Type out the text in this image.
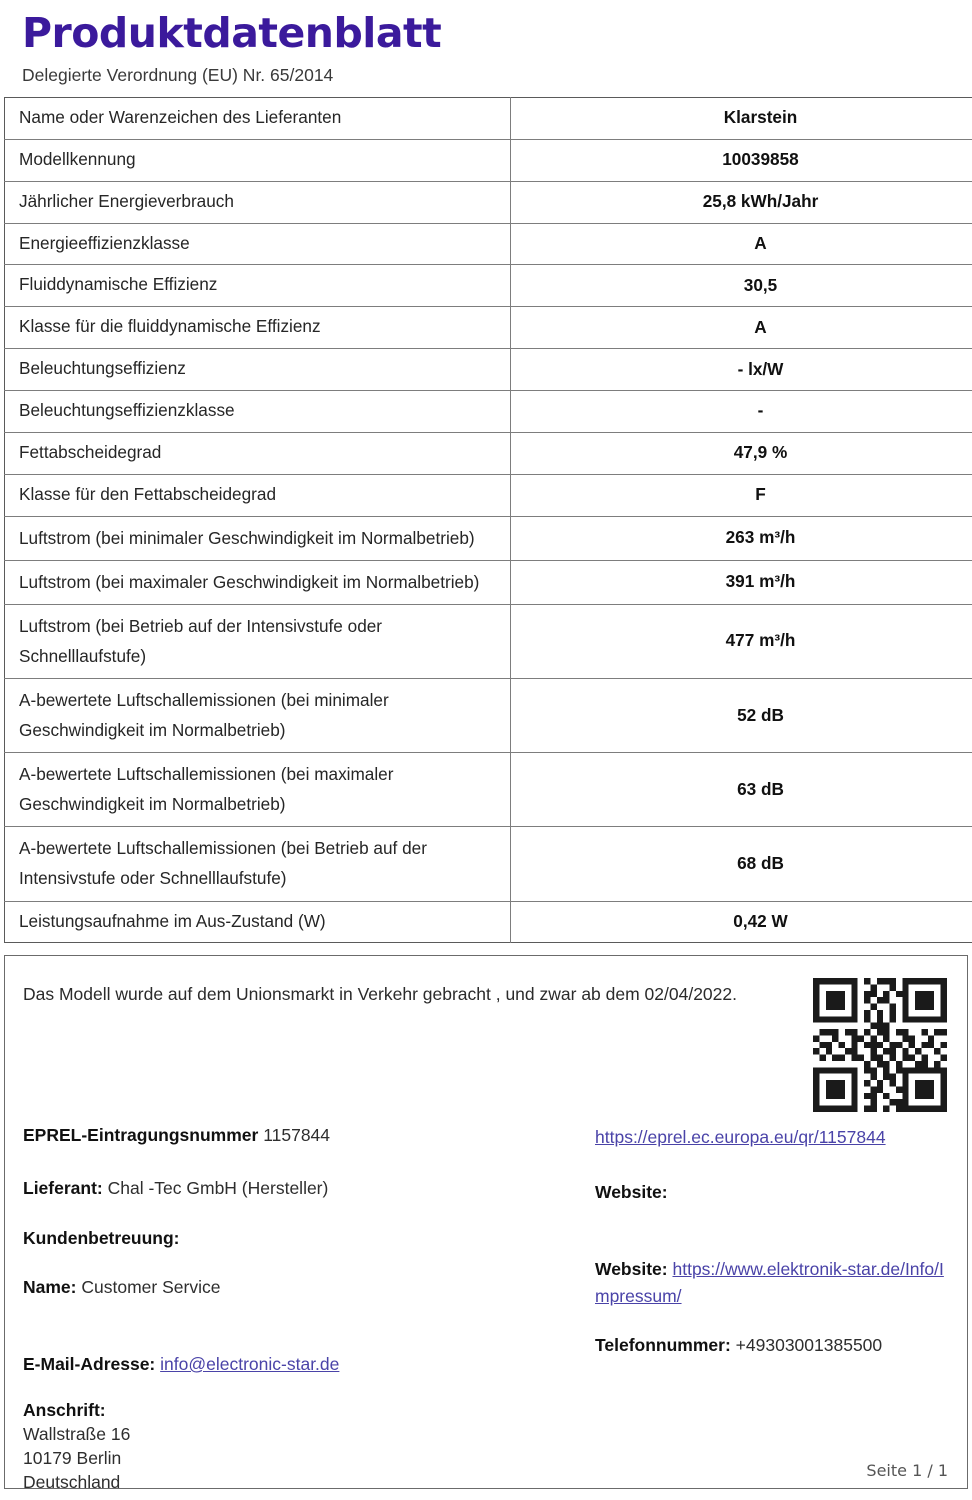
Produktdatenblatt
Delegierte Verordnung (EU) Nr. 65/2014
Name oder Warenzeichen des Lieferanten	Klarstein
Modellkennung	10039858
Jährlicher Energieverbrauch	25,8 kWh/Jahr
Energieeffizienzklasse	A
Fluiddynamische Effizienz	30,5
Klasse für die fluiddynamische Effizienz	A
Beleuchtungseffizienz	- lx/W
Beleuchtungseffizienzklasse	-
Fettabscheidegrad	47,9 %
Klasse für den Fettabscheidegrad	F
Luftstrom (bei minimaler Geschwindigkeit im Normalbetrieb)	263 m³/h
Luftstrom (bei maximaler Geschwindigkeit im Normalbetrieb)	391 m³/h
Luftstrom (bei Betrieb auf der Intensivstufe oder Schnelllaufstufe)	477 m³/h
A-bewertete Luftschallemissionen (bei minimaler Geschwindigkeit im Normalbetrieb)	52 dB
A-bewertete Luftschallemissionen (bei maximaler Geschwindigkeit im Normalbetrieb)	63 dB
A-bewertete Luftschallemissionen (bei Betrieb auf der Intensivstufe oder Schnelllaufstufe)	68 dB
Leistungsaufnahme im Aus-Zustand (W)	0,42 W
Das Modell wurde auf dem Unionsmarkt in Verkehr gebracht , und zwar ab dem 02/04/2022.
EPREL-Eintragungsnummer 1157844
Lieferant: Chal -Tec GmbH (Hersteller)
Kundenbetreuung:
Name: Customer Service
E-Mail-Adresse: info@electronic-star.de
Anschrift:
Wallstraße 16
10179 Berlin
Deutschland
https://eprel.ec.europa.eu/qr/1157844
Website:
Website: https://www.elektronik-star.de/Info/Impressum/
Telefonnummer: +49303001385500
Seite 1 / 1
